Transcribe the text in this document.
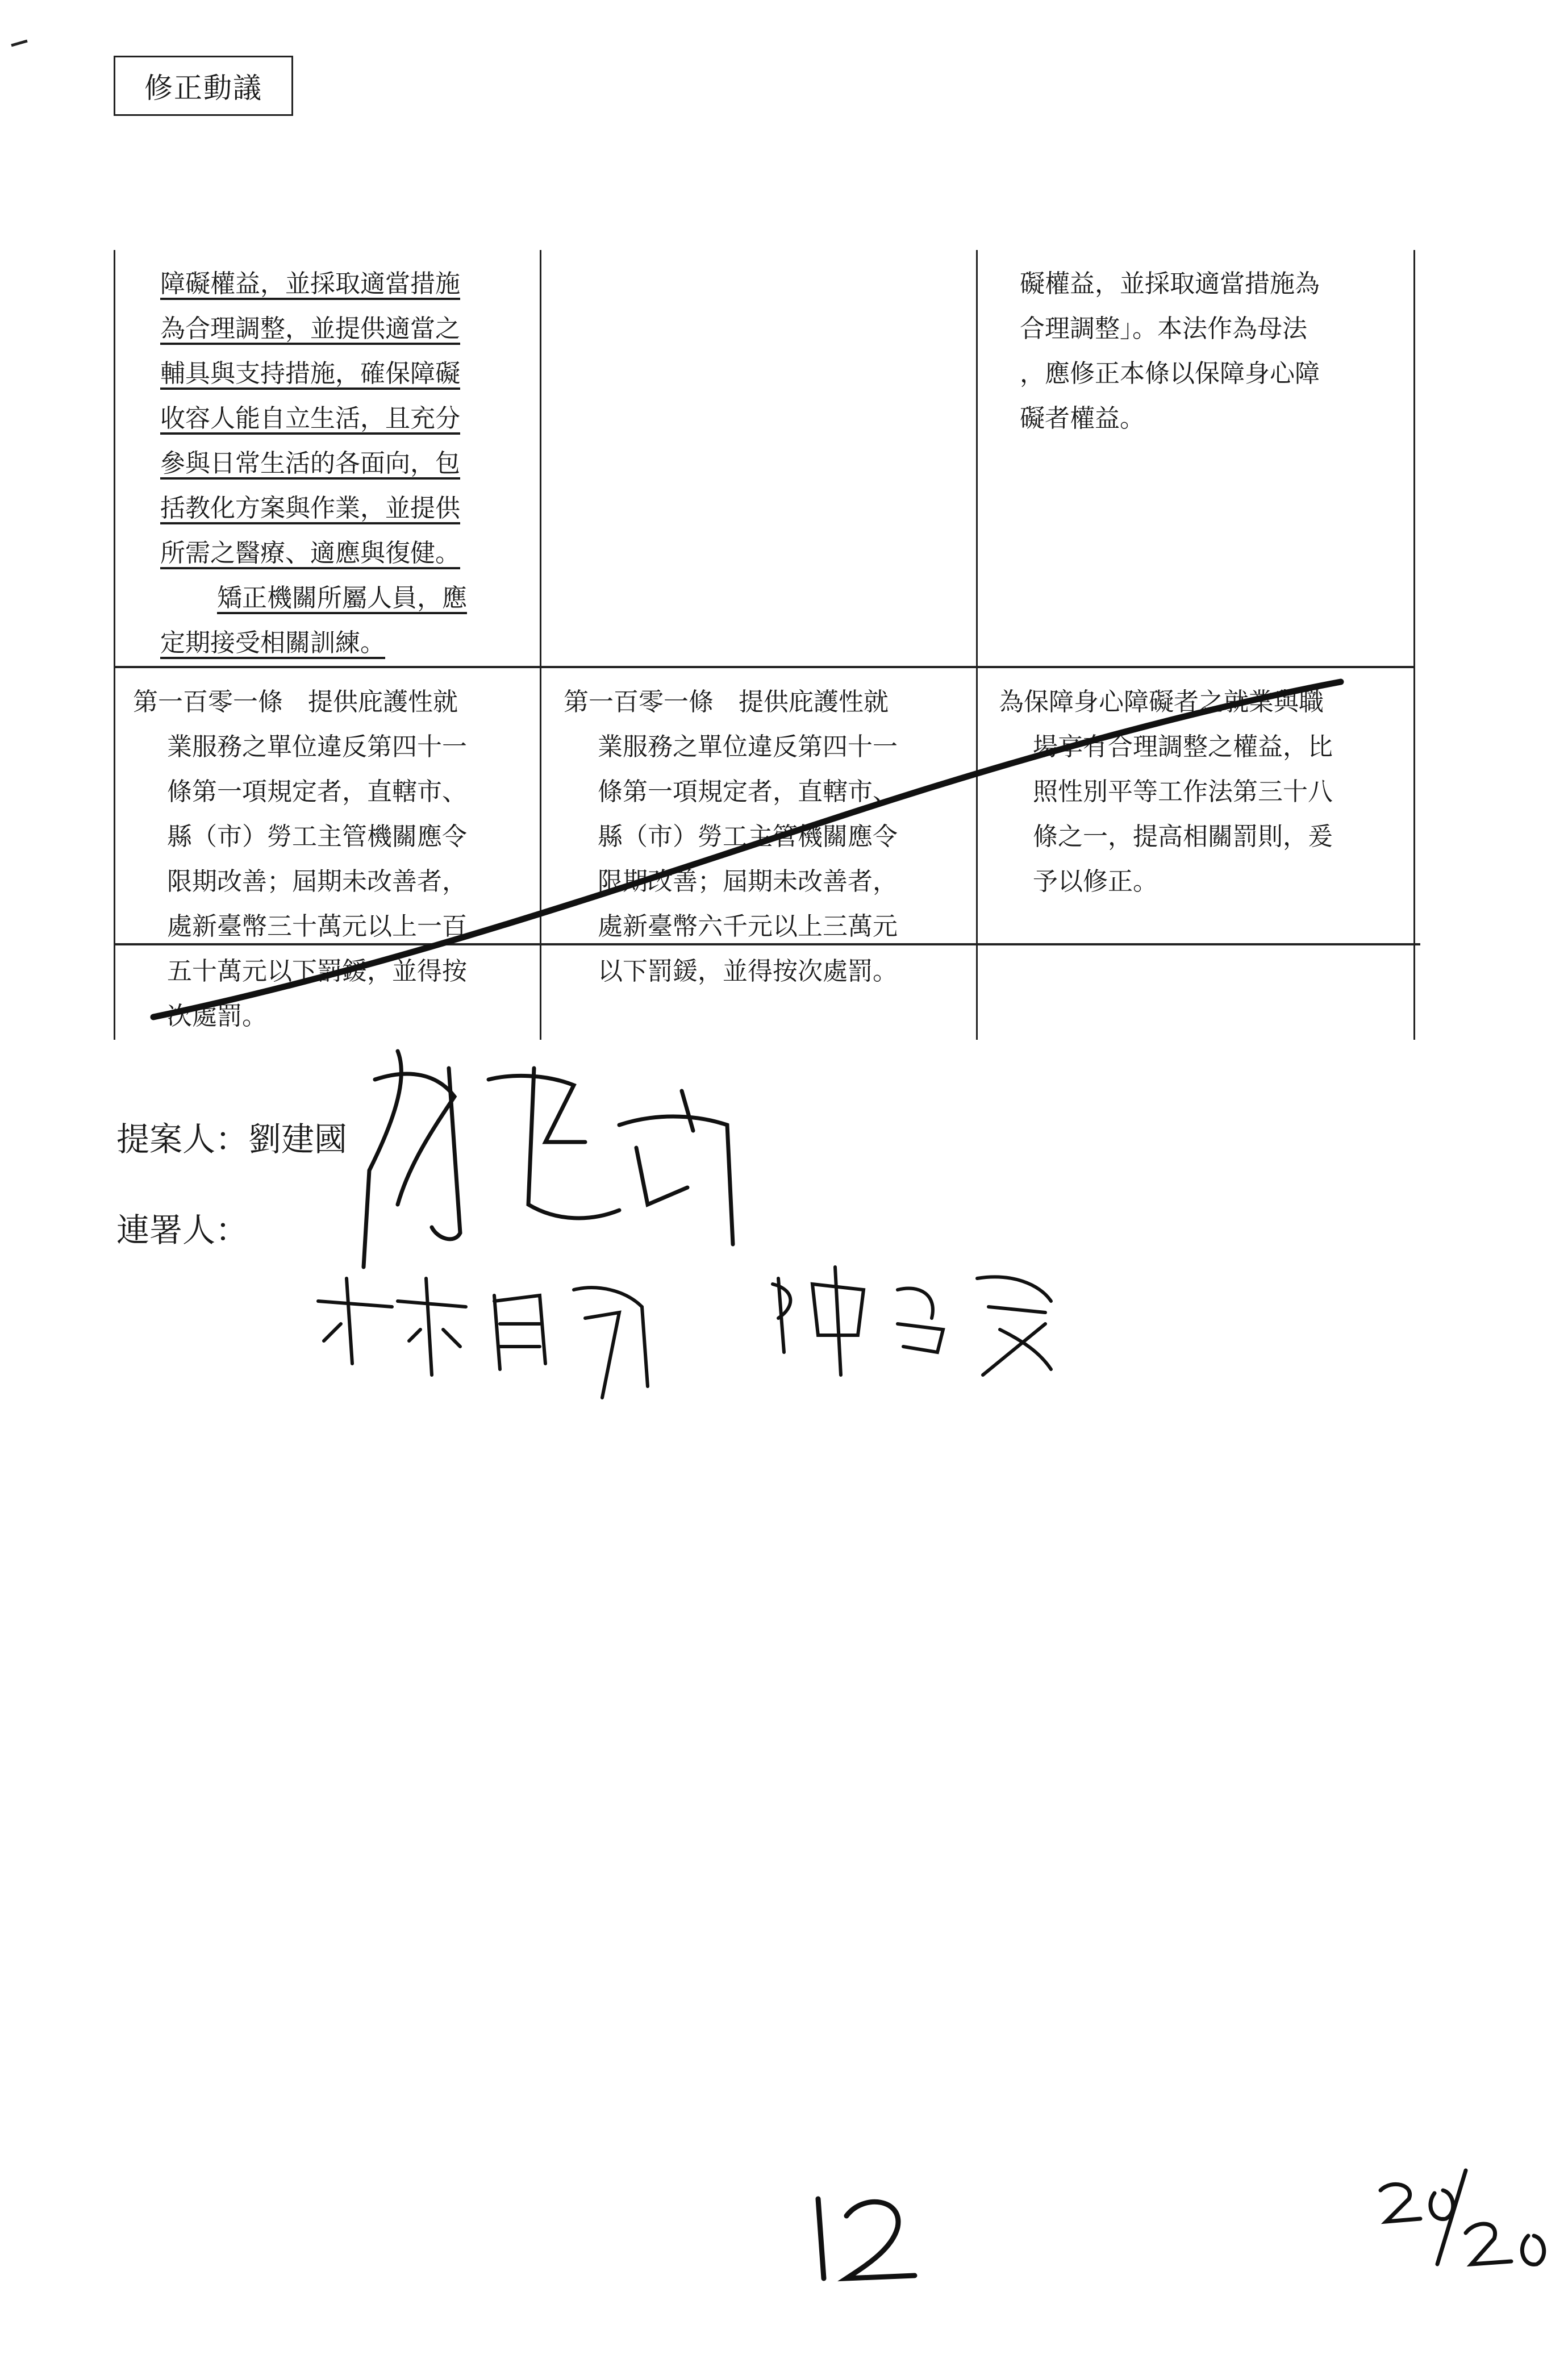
修正動議
障礙權益，並採取適當措施
為合理調整，並提供適當之
輔具與支持措施，確保障礙
收容人能自立生活，且充分
參與日常生活的各面向，包
括教化方案與作業，並提供
所需之醫療、適應與復健。
矯正機關所屬人員，應
定期接受相關訓練。
礙權益，並採取適當措施為
合理調整」。本法作為母法
，應修正本條以保障身心障
礙者權益。
第一百零一條　提供庇護性就
業服務之單位違反第四十一
條第一項規定者，直轄市、
縣（市）勞工主管機關應令
限期改善；屆期未改善者，
處新臺幣三十萬元以上一百
五十萬元以下罰鍰，並得按
次處罰。
第一百零一條　提供庇護性就
業服務之單位違反第四十一
條第一項規定者，直轄市、
縣（市）勞工主管機關應令
限期改善；屆期未改善者，
處新臺幣六千元以上三萬元
以下罰鍰，並得按次處罰。
為保障身心障礙者之就業與職
場享有合理調整之權益，比
照性別平等工作法第三十八
條之一，提高相關罰則，爰
予以修正。
提案人：劉建國
連署人：
